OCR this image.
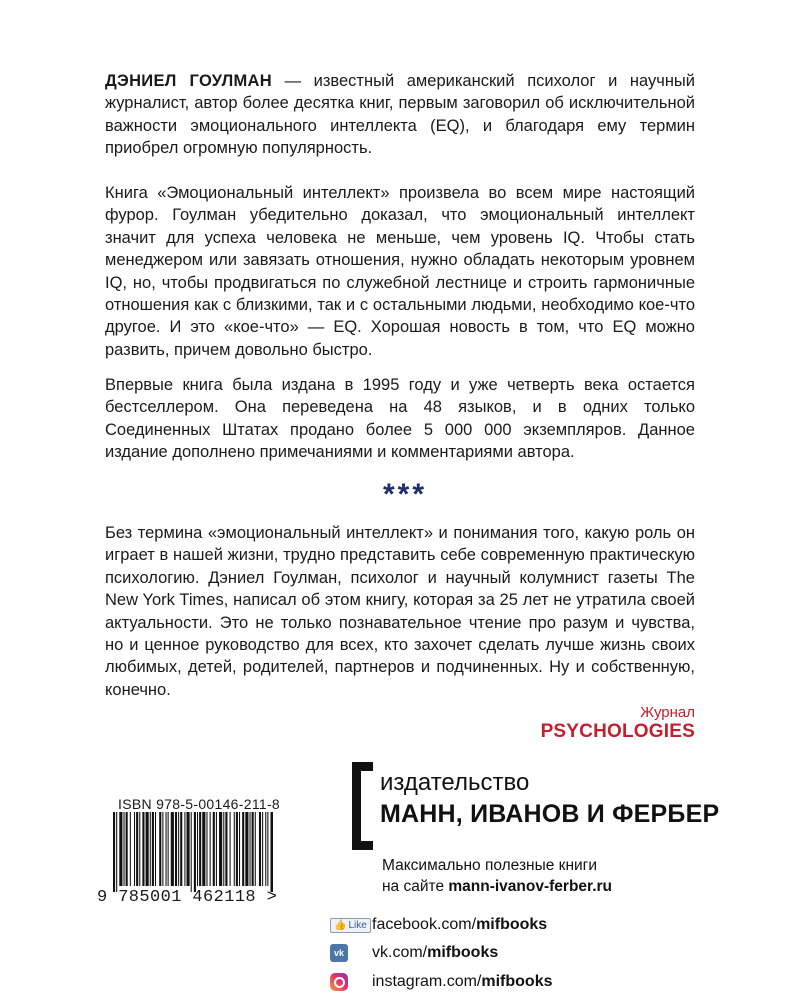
ДЭНИЕЛ ГОУЛМАН — известный американский психолог и научный журналист, автор более десятка книг, первым заговорил об исключительной важности эмоционального интеллекта (EQ), и благодаря ему термин приобрел огромную популярность.

Книга «Эмоциональный интеллект» произвела во всем мире настоящий фурор. Гоулман убедительно доказал, что эмоциональный интеллект значит для успеха человека не меньше, чем уровень IQ. Чтобы стать менеджером или завязать отношения, нужно обладать некоторым уровнем IQ, но, чтобы продвигаться по служебной лестнице и строить гармоничные отношения как с близкими, так и с остальными людьми, необходимо кое-что другое. И это «кое-что» — EQ. Хорошая новость в том, что EQ можно развить, причем довольно быстро.

Впервые книга была издана в 1995 году и уже четверть века остается бестселлером. Она переведена на 48 языков, и в одних только Соединенных Штатах продано более 5 000 000 экземпляров. Данное издание дополнено примечаниями и комментариями автора.

***

Без термина «эмоциональный интеллект» и понимания того, какую роль он играет в нашей жизни, трудно представить себе современную практическую психологию. Дэниел Гоулман, психолог и научный колумнист газеты The New York Times, написал об этом книгу, которая за 25 лет не утратила своей актуальности. Это не только познавательное чтение про разум и чувства, но и ценное руководство для всех, кто захочет сделать лучше жизнь своих любимых, детей, родителей, партнеров и подчиненных. Ну и собственную, конечно.

Журнал PSYCHOLOGIES
ISBN 978-5-00146-211-8
9 785001 462118 >
издательство
МАНН, ИВАНОВ И ФЕРБЕР
Максимально полезные книги
на сайте mann-ivanov-ferber.ru
👍 Like facebook.com/ mifbooks
vk vk.com/ mifbooks
instagram.com/ mifbooks
